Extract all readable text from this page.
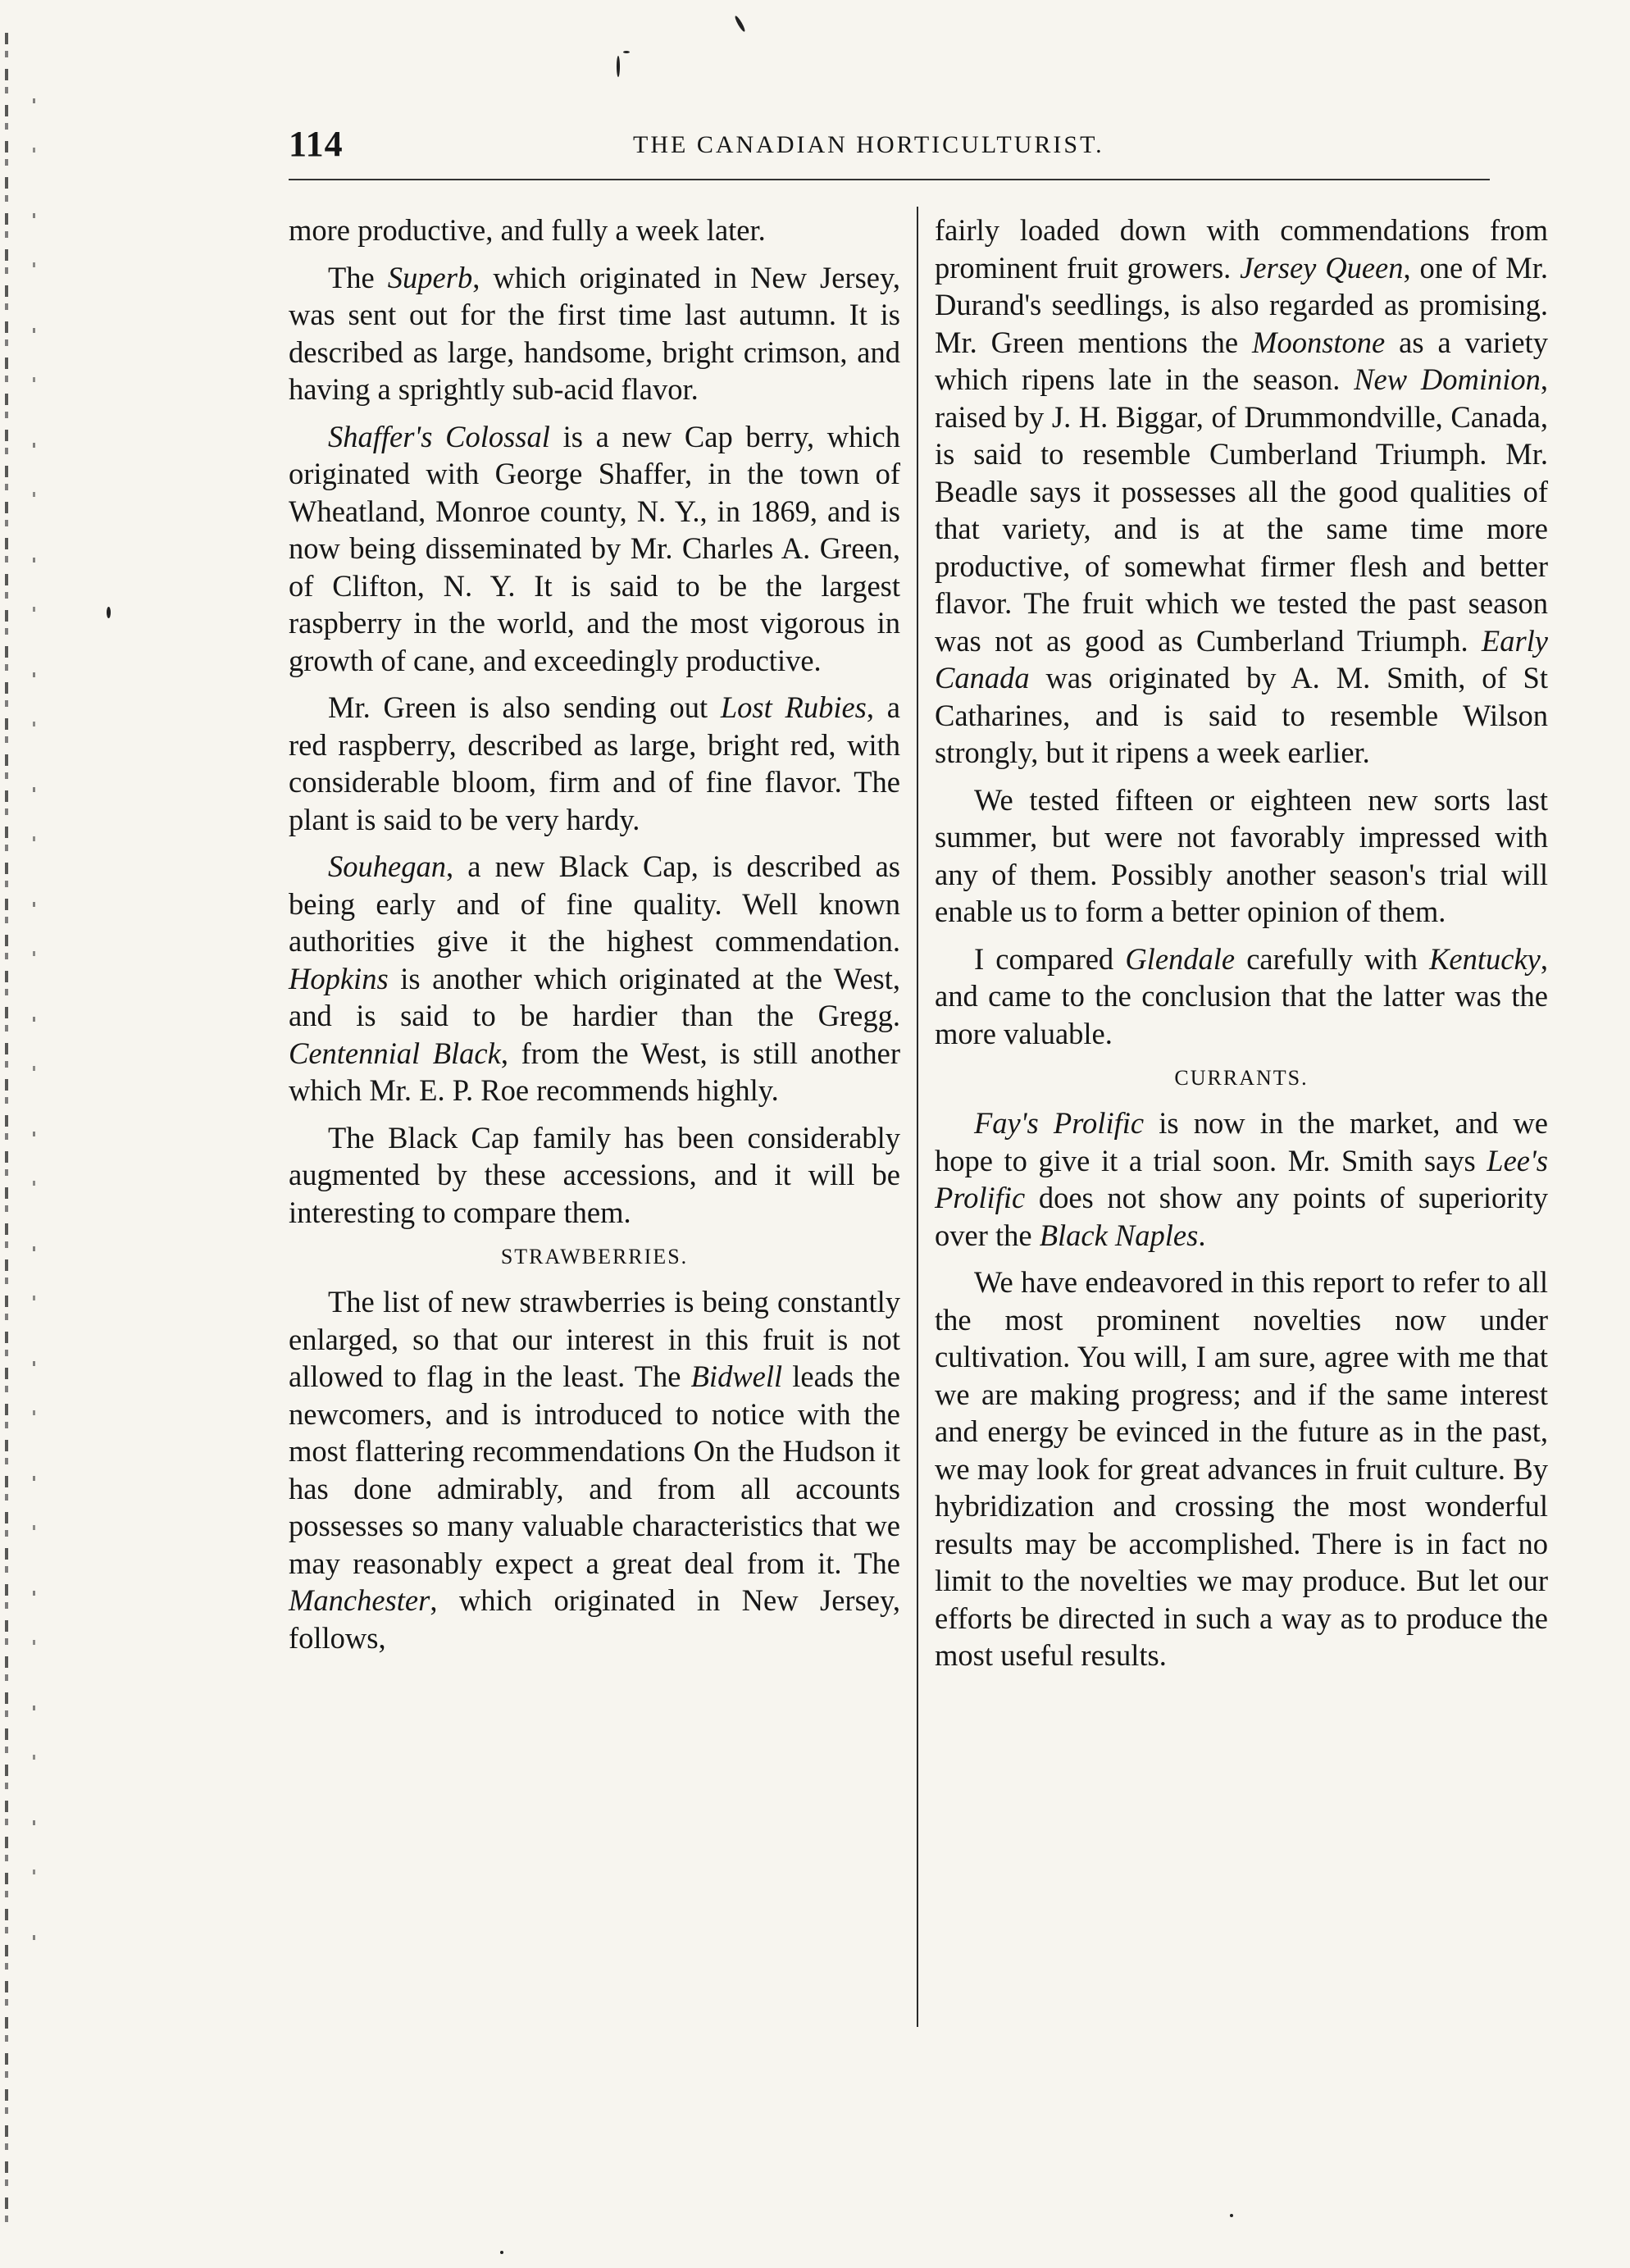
114	THE CANADIAN HORTICULTURIST.

more productive, and fully a week later.

The Superb, which originated in New Jersey, was sent out for the first time last autumn. It is described as large, handsome, bright crimson, and having a sprightly sub-acid flavor.

Shaffer's Colossal is a new Cap berry, which originated with George Shaffer, in the town of Wheatland, Monroe county, N. Y., in 1869, and is now being disseminated by Mr. Charles A. Green, of Clifton, N. Y. It is said to be the largest raspberry in the world, and the most vigorous in growth of cane, and exceedingly productive.

Mr. Green is also sending out Lost Rubies, a red raspberry, described as large, bright red, with considerable bloom, firm and of fine flavor. The plant is said to be very hardy.

Souhegan, a new Black Cap, is described as being early and of fine quality. Well known authorities give it the highest commendation. Hopkins is another which originated at the West, and is said to be hardier than the Gregg. Centennial Black, from the West, is still another which Mr. E. P. Roe recommends highly.

The Black Cap family has been considerably augmented by these accessions, and it will be interesting to compare them.

STRAWBERRIES.

The list of new strawberries is being constantly enlarged, so that our interest in this fruit is not allowed to flag in the least. The Bidwell leads the newcomers, and is introduced to notice with the most flattering recommendations On the Hudson it has done admirably, and from all accounts possesses so many valuable characteristics that we may reasonably expect a great deal from it. The Manchester, which originated in New Jersey, follows,

fairly loaded down with commendations from prominent fruit growers. Jersey Queen, one of Mr. Durand's seedlings, is also regarded as promising. Mr. Green mentions the Moonstone as a variety which ripens late in the season. New Dominion, raised by J. H. Biggar, of Drummondville, Canada, is said to resemble Cumberland Triumph. Mr. Beadle says it possesses all the good qualities of that variety, and is at the same time more productive, of somewhat firmer flesh and better flavor. The fruit which we tested the past season was not as good as Cumberland Triumph. Early Canada was originated by A. M. Smith, of St Catharines, and is said to resemble Wilson strongly, but it ripens a week earlier.

We tested fifteen or eighteen new sorts last summer, but were not favorably impressed with any of them. Possibly another season's trial will enable us to form a better opinion of them.

I compared Glendale carefully with Kentucky, and came to the conclusion that the latter was the more valuable.

CURRANTS.

Fay's Prolific is now in the market, and we hope to give it a trial soon. Mr. Smith says Lee's Prolific does not show any points of superiority over the Black Naples.

We have endeavored in this report to refer to all the most prominent novelties now under cultivation. You will, I am sure, agree with me that we are making progress; and if the same interest and energy be evinced in the future as in the past, we may look for great advances in fruit culture. By hybridization and crossing the most wonderful results may be accomplished. There is in fact no limit to the novelties we may produce. But let our efforts be directed in such a way as to produce the most useful results.
